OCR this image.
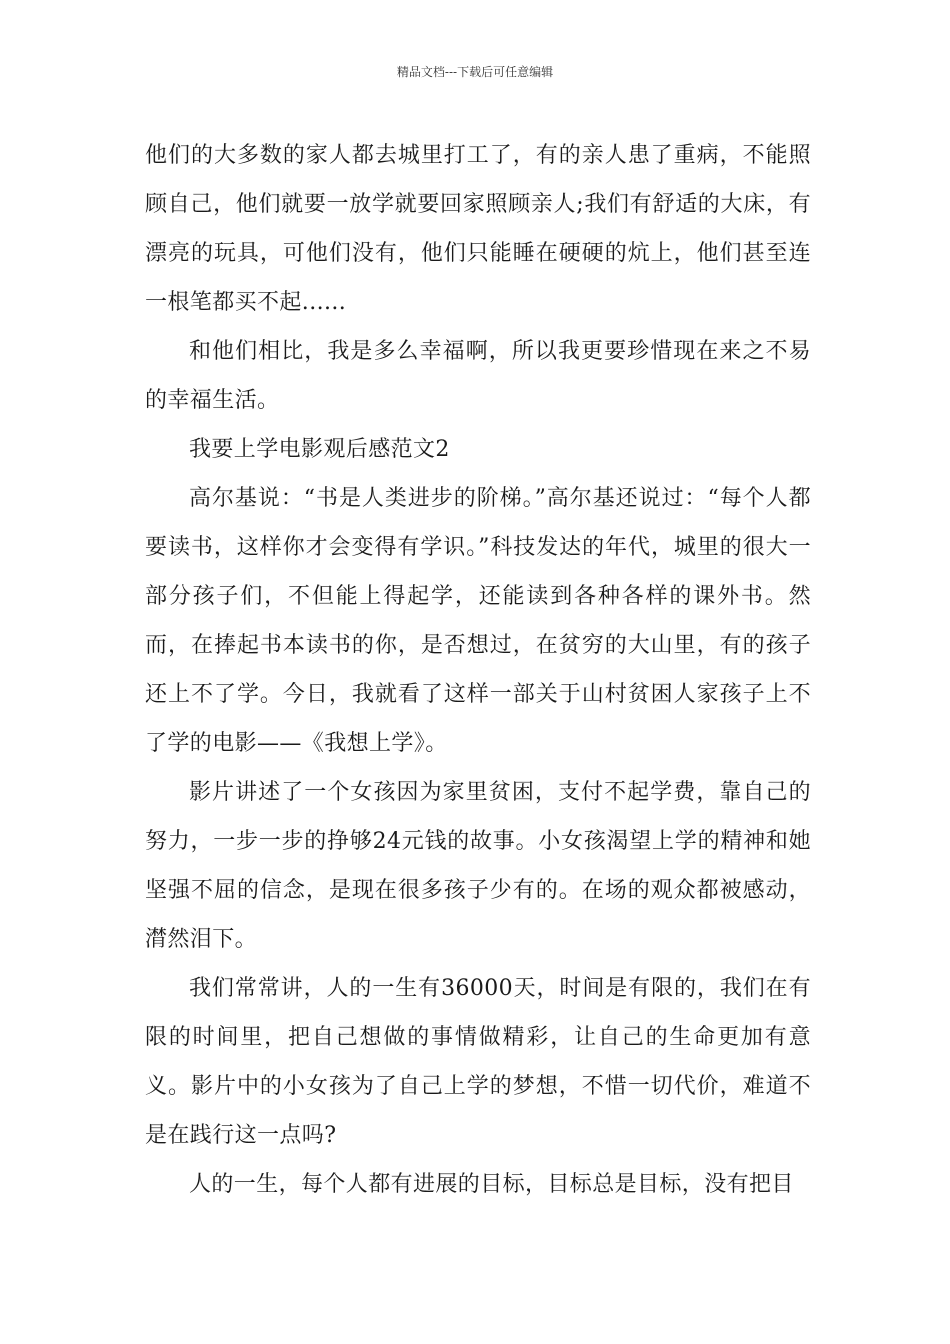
精品文档---下载后可任意编辑

他们的大多数的家人都去城里打工了，有的亲人患了重病，不能照顾自己，他们就要一放学就要回家照顾亲人;我们有舒适的大床，有漂亮的玩具，可他们没有，他们只能睡在硬硬的炕上，他们甚至连一根笔都买不起......

和他们相比，我是多么幸福啊，所以我更要珍惜现在来之不易的幸福生活。

我要上学电影观后感范文2

高尔基说：“书是人类进步的阶梯。”高尔基还说过：“每个人都要读书，这样你才会变得有学识。”科技发达的年代，城里的很大一部分孩子们，不但能上得起学，还能读到各种各样的课外书。然而，在捧起书本读书的你，是否想过，在贫穷的大山里，有的孩子还上不了学。今日，我就看了这样一部关于山村贫困人家孩子上不了学的电影——《我想上学》。

影片讲述了一个女孩因为家里贫困，支付不起学费，靠自己的努力，一步一步的挣够24元钱的故事。小女孩渴望上学的精神和她坚强不屈的信念，是现在很多孩子少有的。在场的观众都被感动，潸然泪下。

我们常常讲，人的一生有36000天，时间是有限的，我们在有限的时间里，把自己想做的事情做精彩，让自己的生命更加有意义。影片中的小女孩为了自己上学的梦想，不惜一切代价，难道不是在践行这一点吗?

人的一生，每个人都有进展的目标，目标总是目标，没有把目
